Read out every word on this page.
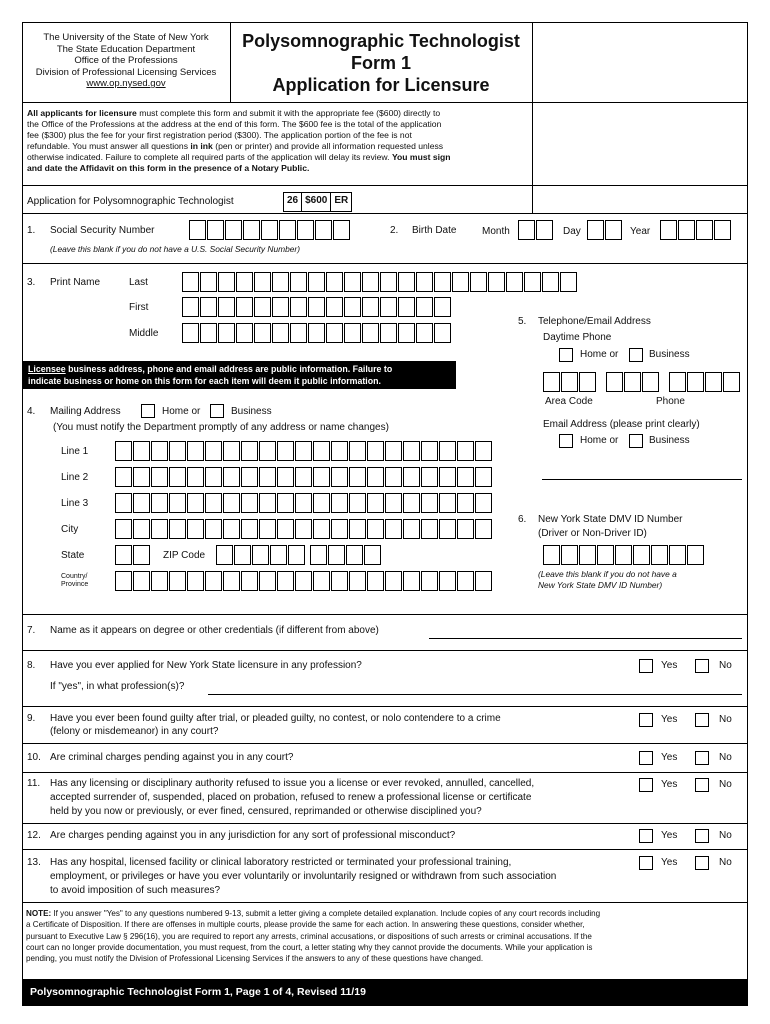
The University of the State of New York
The State Education Department
Office of the Professions
Division of Professional Licensing Services
www.op.nysed.gov
Polysomnographic Technologist
Form 1
Application for Licensure
All applicants for licensure must complete this form and submit it with the appropriate fee ($600) directly to
the Office of the Professions at the address at the end of this form. The $600 fee is the total of the application
fee ($300) plus the fee for your first registration period ($300). The application portion of the fee is not
refundable. You must answer all questions in ink (pen or printer) and provide all information requested unless
otherwise indicated. Failure to complete all required parts of the application will delay its review. You must sign
and date the Affidavit on this form in the presence of a Notary Public.
Application for Polysomnographic Technologist	26 $600 ER
1. Social Security Number
(Leave this blank if you do not have a U.S. Social Security Number)
2. Birth Date	Month	Day	Year
3. Print Name	Last
First
Middle
5. Telephone/Email Address
Daytime Phone
Home or	Business
Area Code	Phone
Email Address (please print clearly)
Home or	Business
Licensee business address, phone and email address are public information. Failure to
indicate business or home on this form for each item will deem it public information.
4. Mailing Address	Home or	Business
(You must notify the Department promptly of any address or name changes)
Line 1
Line 2
Line 3
City
State	ZIP Code
Country/
Province
6. New York State DMV ID Number
(Driver or Non-Driver ID)
(Leave this blank if you do not have a
New York State DMV ID Number)
7. Name as it appears on degree or other credentials (if different from above)
8. Have you ever applied for New York State licensure in any profession?
If "yes", in what profession(s)?
Yes	No
9. Have you ever been found guilty after trial, or pleaded guilty, no contest, or nolo contendere to a crime
(felony or misdemeanor) in any court?
Yes	No
10. Are criminal charges pending against you in any court?	Yes	No
11. Has any licensing or disciplinary authority refused to issue you a license or ever revoked, annulled, cancelled,
accepted surrender of, suspended, placed on probation, refused to renew a professional license or certificate
held by you now or previously, or ever fined, censured, reprimanded or otherwise disciplined you?
Yes	No
12. Are charges pending against you in any jurisdiction for any sort of professional misconduct?	Yes	No
13. Has any hospital, licensed facility or clinical laboratory restricted or terminated your professional training,
employment, or privileges or have you ever voluntarily or involuntarily resigned or withdrawn from such association
to avoid imposition of such measures?
Yes	No
NOTE: If you answer "Yes" to any questions numbered 9-13, submit a letter giving a complete detailed explanation. Include copies of any court records including
a Certificate of Disposition. If there are offenses in multiple courts, please provide the same for each action. In answering these questions, consider whether,
pursuant to Executive Law § 296(16), you are required to report any arrests, criminal accusations, or dispositions of such arrests or criminal accusations. If the
court can no longer provide documentation, you must request, from the court, a letter stating why they cannot provide the documents. While your application is
pending, you must notify the Division of Professional Licensing Services if the answers to any of these questions have changed.
Polysomnographic Technologist Form 1, Page 1 of 4, Revised 11/19
